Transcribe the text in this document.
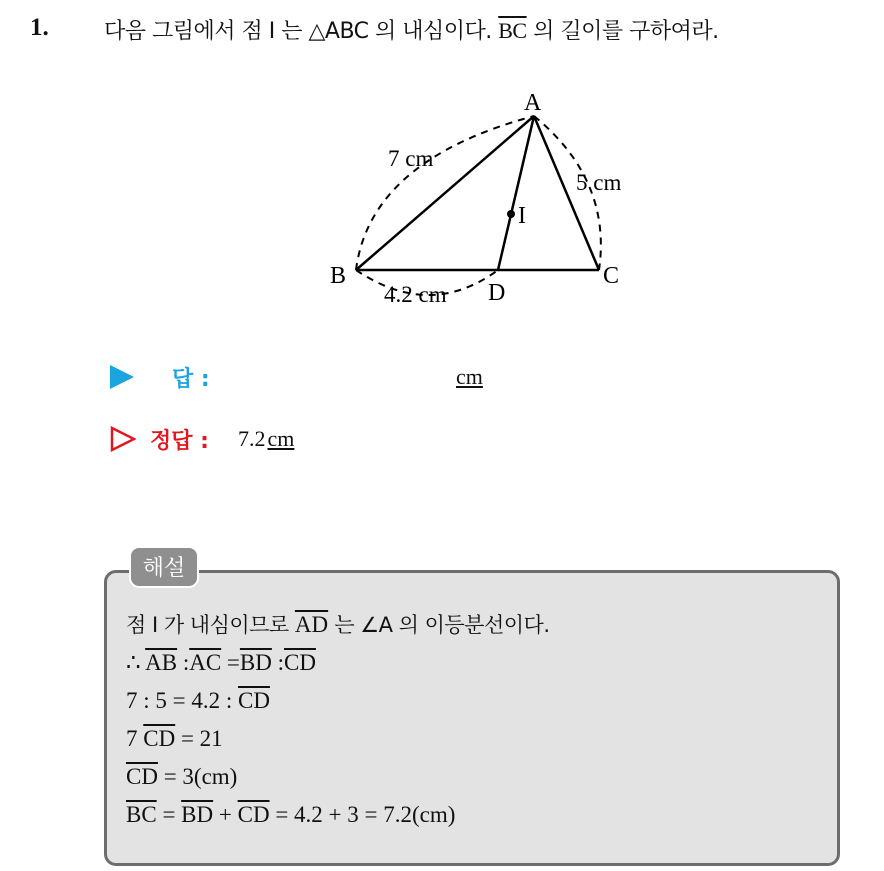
1.	다음 그림에서 점 I 는 △ABC 의 내심이다. $\overline{BC}$ 의 길이를 구하여라.
A
B	C
D
I
7 cm
5 cm
4.2 cm
답 :	cm
정답 : 7.2cm
해설
점 I 가 내심이므로 $\overline{AD}$ 는 ∠A 의 이등분선이다.
∴ $\overline{AB}$ $:\overline{AC} =\overline{BD}$ $:\overline{CD}$
7 : 5 = 4.2 : $\overline{CD}$
7 $\overline{CD} = 21$
$\overline{CD} = 3(cm)$
$\overline{BC} = \overline{BD} + \overline{CD} = 4.2 + 3 = 7.2(cm)$
